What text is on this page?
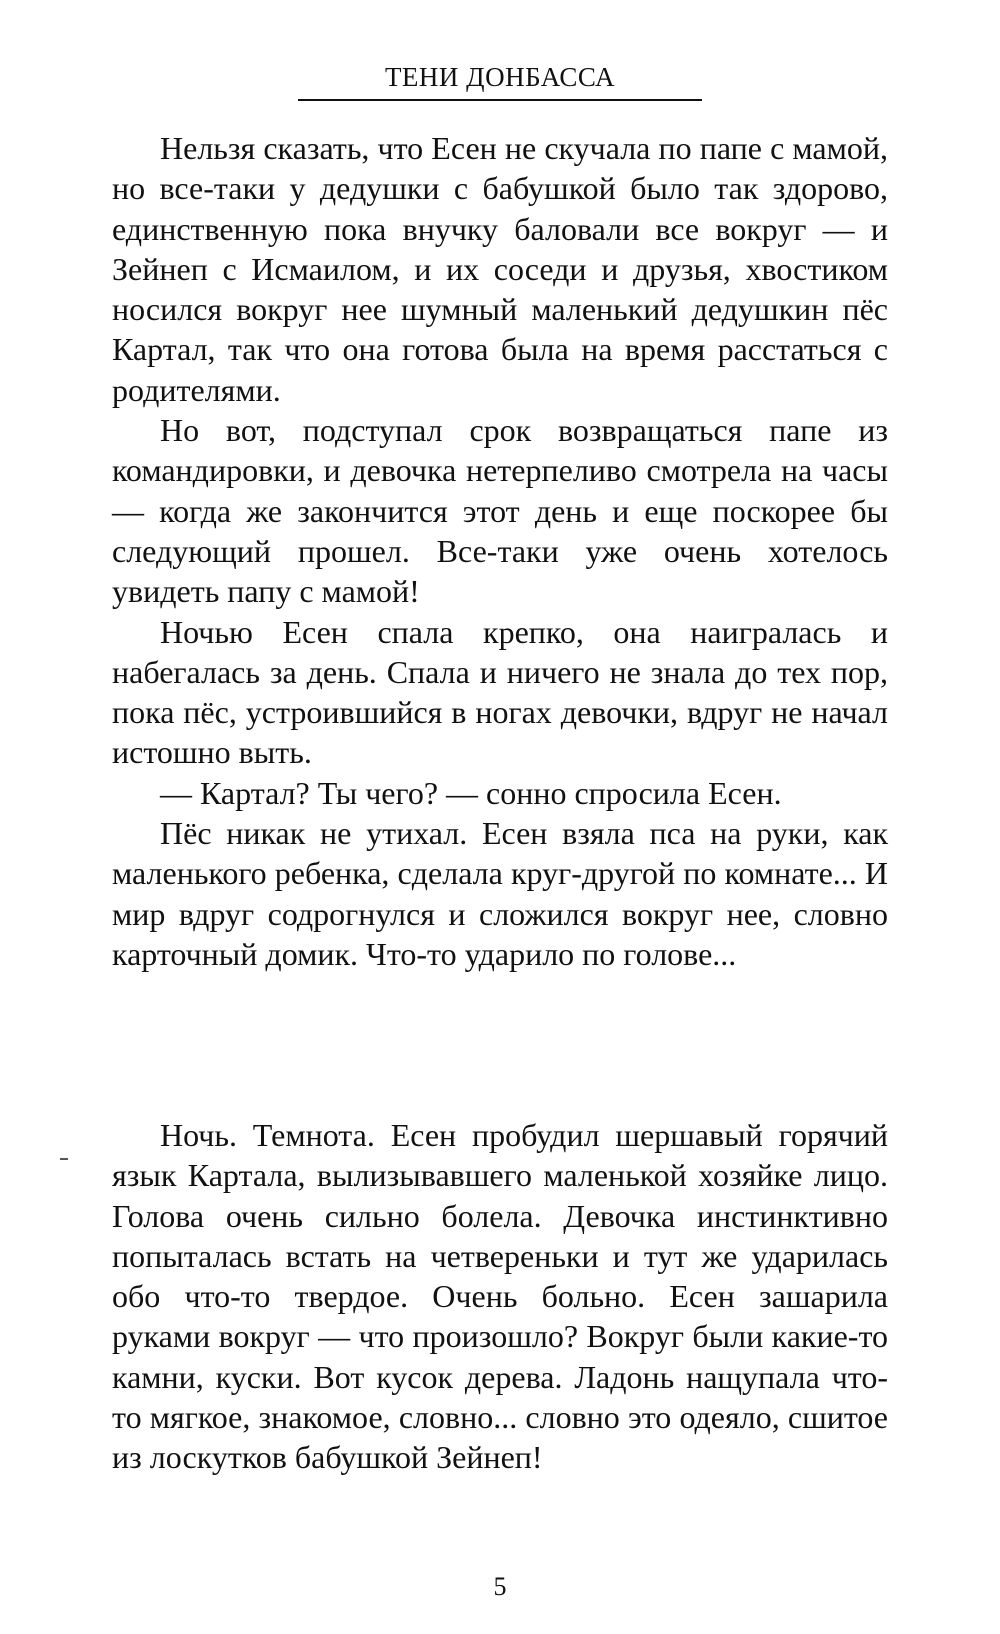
ТЕНИ ДОНБАССА

Нельзя сказать, что Есен не скучала по папе с мамой, но все-таки у дедушки с бабушкой было так здорово, единственную пока внучку баловали все вокруг — и Зейнеп с Исмаилом, и их соседи и друзья, хвостиком носился вокруг нее шумный маленький дедушкин пёс Картал, так что она готова была на время расстаться с родителями.

Но вот, подступал срок возвращаться папе из командировки, и девочка нетерпеливо смотрела на часы — когда же закончится этот день и еще поскорее бы следующий прошел. Все-таки уже очень хотелось увидеть папу с мамой!

Ночью Есен спала крепко, она наигралась и набегалась за день. Спала и ничего не знала до тех пор, пока пёс, устроившийся в ногах девочки, вдруг не начал истошно выть.

— Картал? Ты чего? — сонно спросила Есен.

Пёс никак не утихал. Есен взяла пса на руки, как маленького ребенка, сделала круг-другой по комнате... И мир вдруг содрогнулся и сложился вокруг нее, словно карточный домик. Что-то ударило по голове...

Ночь. Темнота. Есен пробудил шершавый горячий язык Картала, вылизывавшего маленькой хозяйке лицо. Голова очень сильно болела. Девочка инстинктивно попыталась встать на четвереньки и тут же ударилась обо что-то твердое. Очень больно. Есен зашарила руками вокруг — что произошло? Вокруг были какие-то камни, куски. Вот кусок дерева. Ладонь нащупала что-то мягкое, знакомое, словно... словно это одеяло, сшитое из лоскутков бабушкой Зейнеп!

5
